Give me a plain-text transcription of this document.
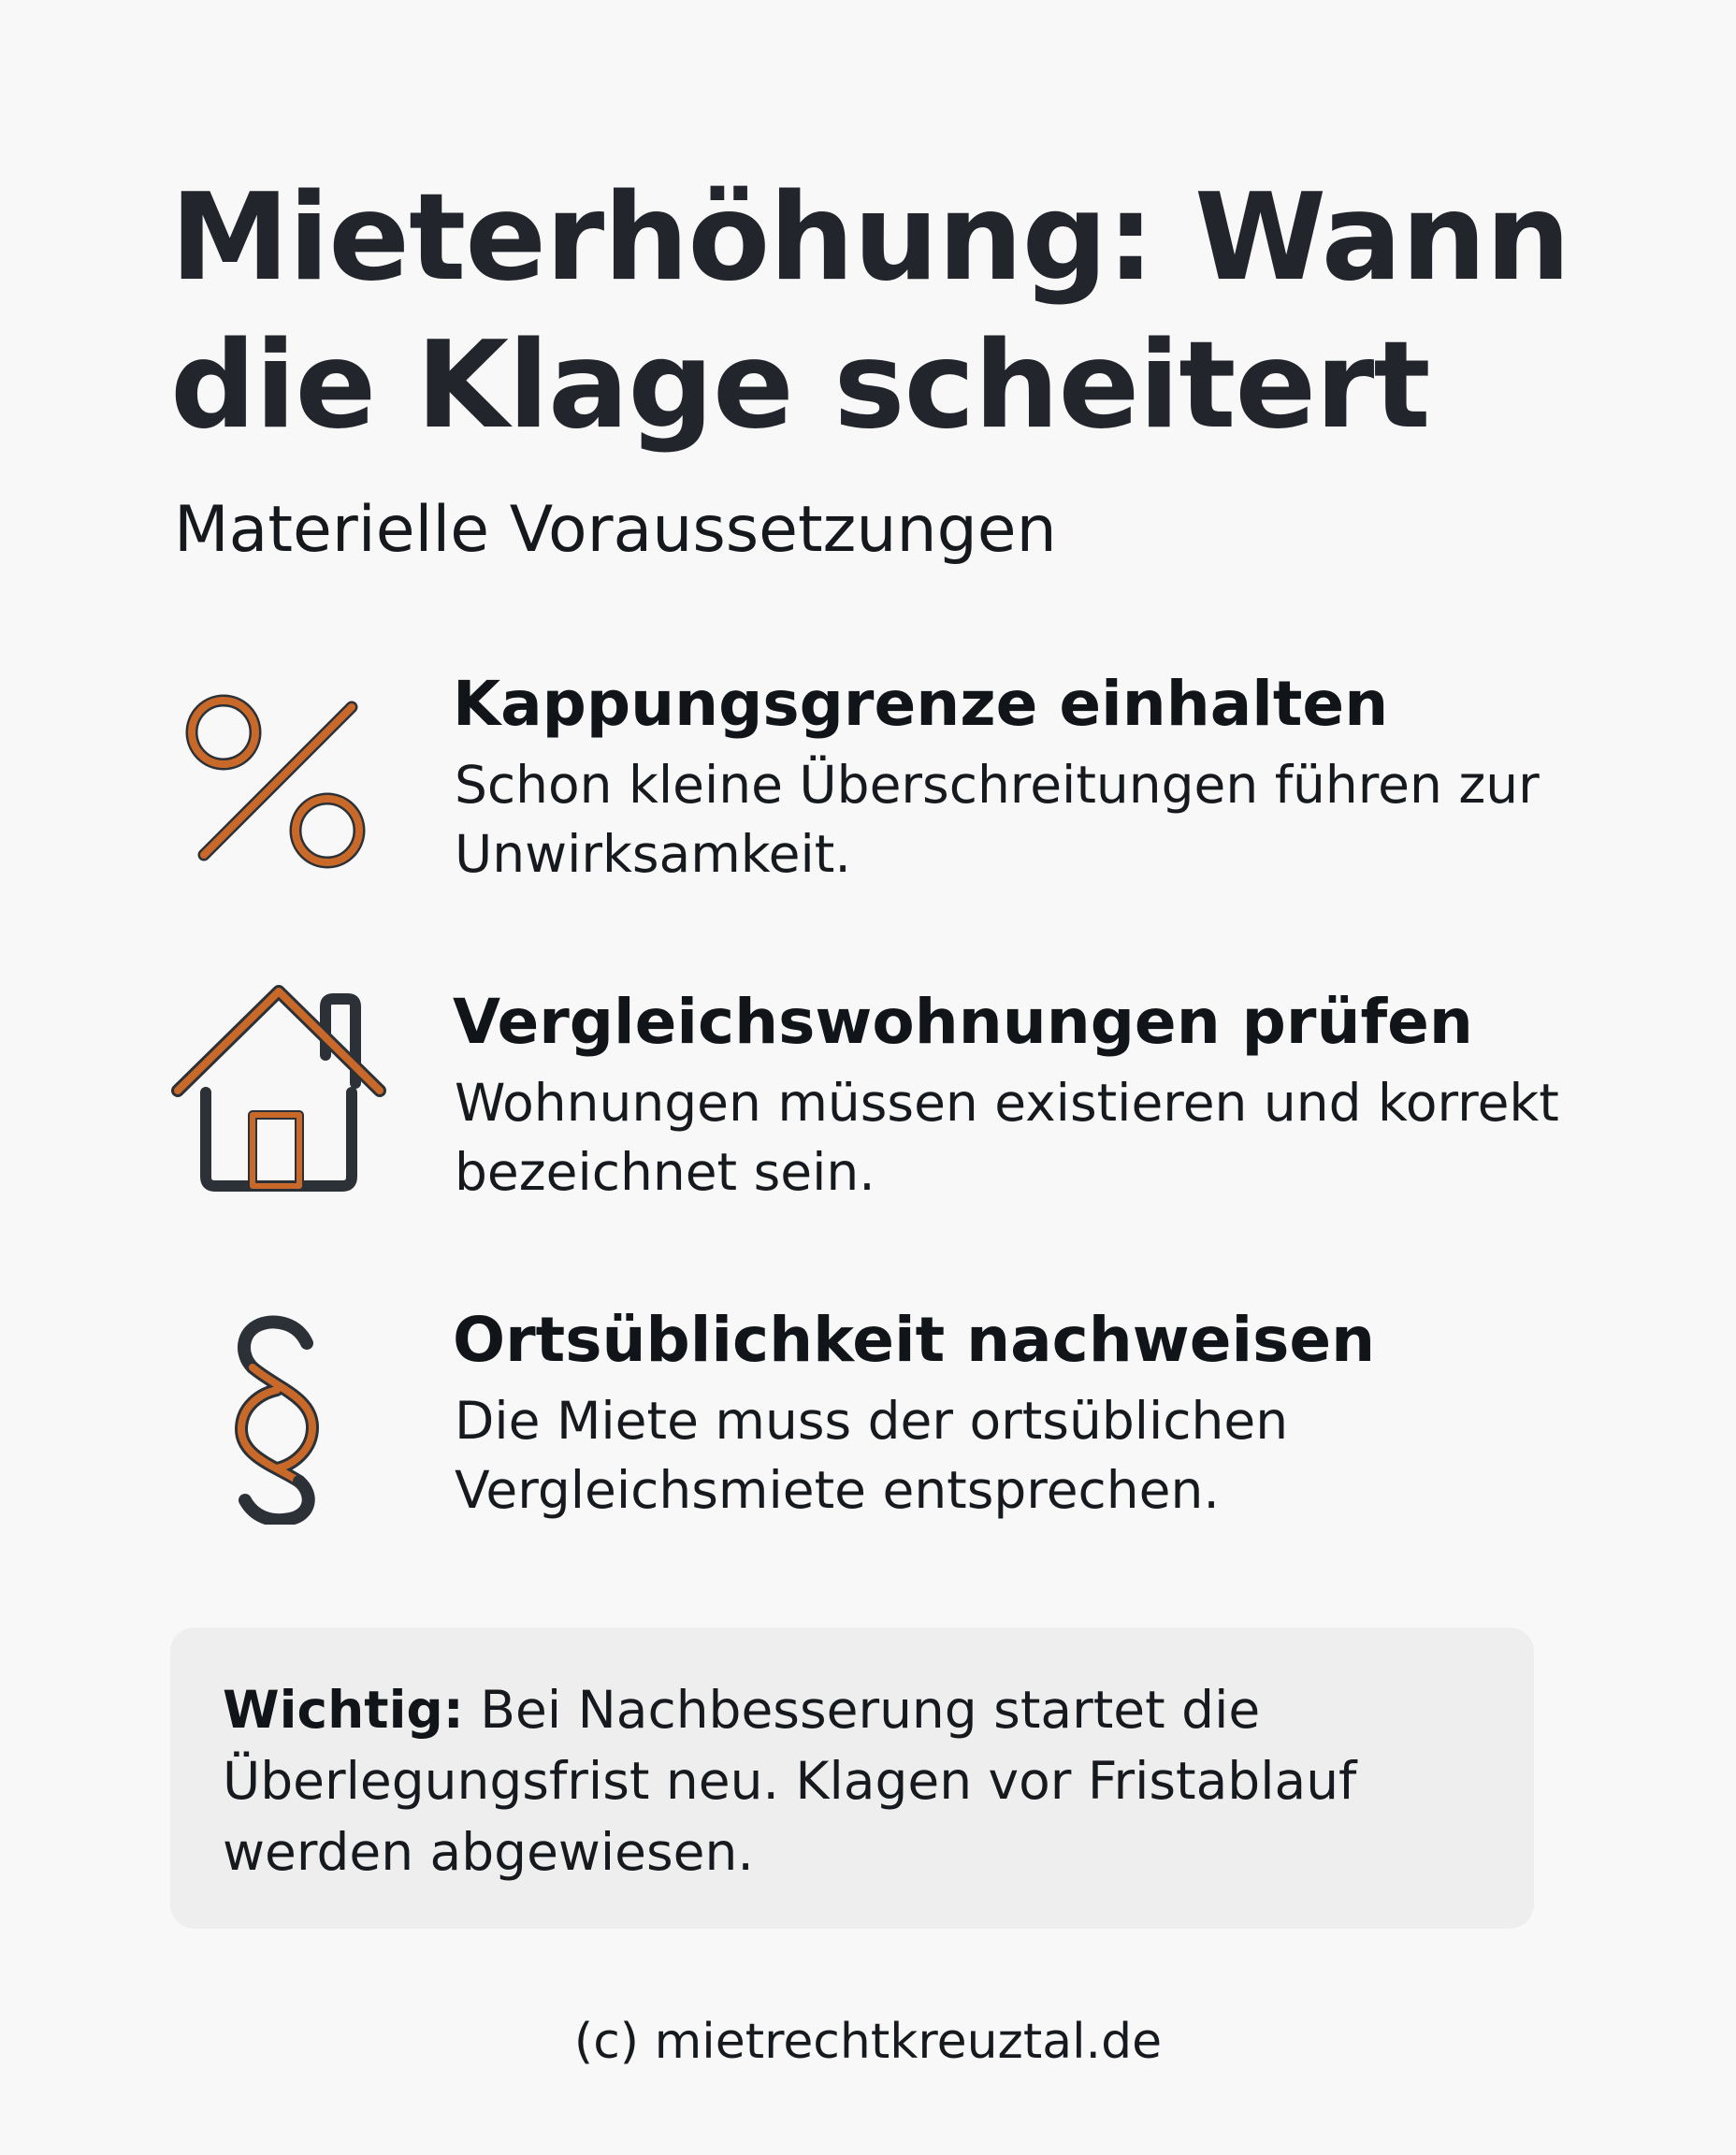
Mieterhöhung: Wann die Klage scheitert
Materielle Voraussetzungen
Kappungsgrenze einhalten

Schon kleine Überschreitungen führen zur Unwirksamkeit.

Vergleichswohnungen prüfen

Wohnungen müssen existieren und korrekt bezeichnet sein.

Ortsüblichkeit nachweisen

Die Miete muss der ortsüblichen Vergleichsmiete entsprechen.

Wichtig: Bei Nachbesserung startet die Überlegungsfrist neu. Klagen vor Fristablauf werden abgewiesen.

(c) mietrechtkreuztal.de
